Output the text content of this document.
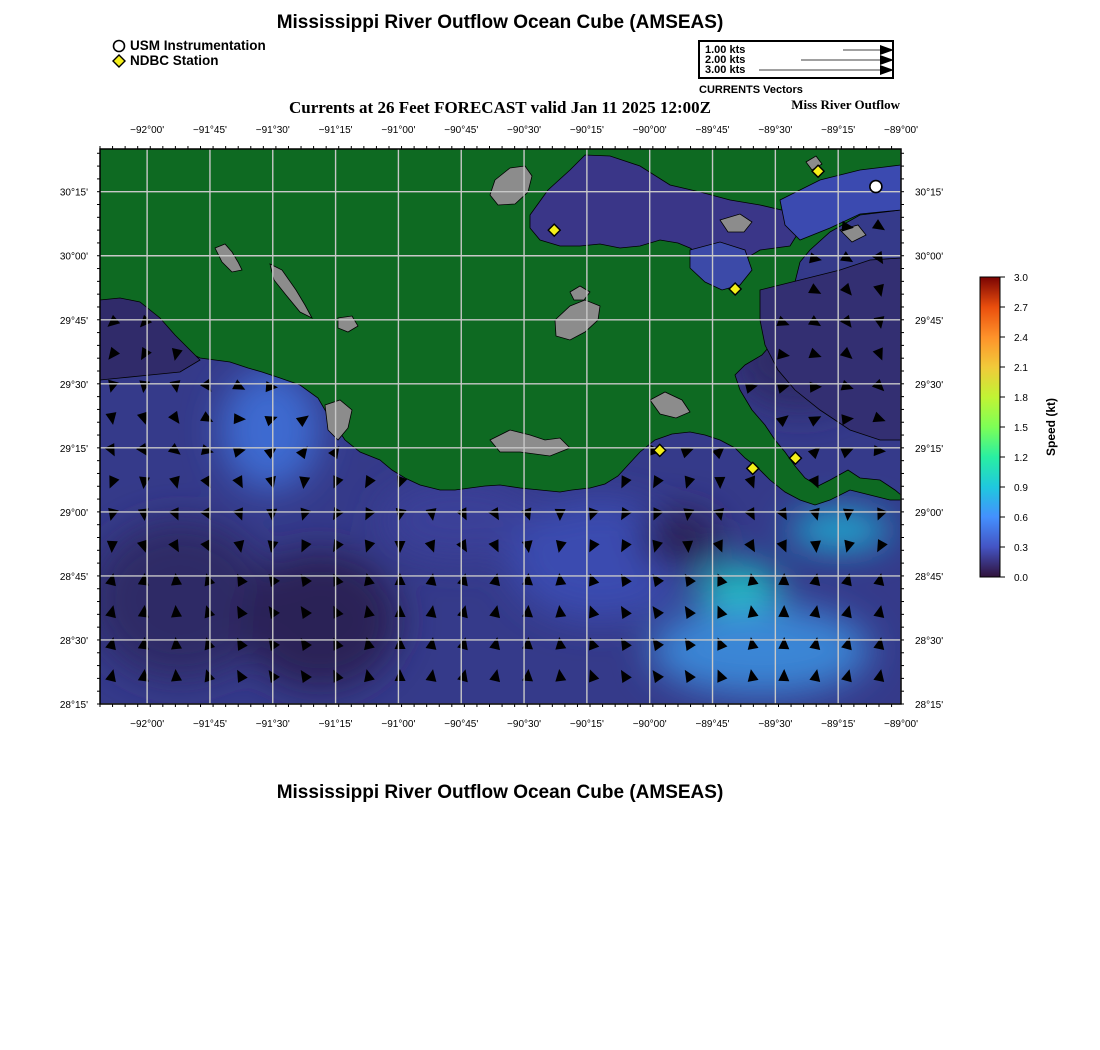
Mississippi River Outflow Ocean Cube (AMSEAS)
USM Instrumentation
NDBC Station
1.00 kts
2.00 kts
3.00 kts
CURRENTS Vectors
Currents at 26 Feet FORECAST valid Jan 11 2025 12:00Z	Miss River Outflow
−92°00'
−92°00'
−91°45'
−91°45'
−91°30'
−91°30'
−91°15'
−91°15'
−91°00'
−91°00'
−90°45'
−90°45'
−90°30'
−90°30'
−90°15'
−90°15'
−90°00'
−90°00'
−89°45'
−89°45'
−89°30'
−89°30'
−89°15'
−89°15'
−89°00'
−89°00'
30°15'	30°15'
30°00'	30°00'
29°45'	29°45'
29°30'	29°30'
29°15'	29°15'
29°00'	29°00'
28°45'	28°45'
28°30'	28°30'
28°15'	28°15'
3.0
2.7
2.4
2.1
1.8
1.5
1.2
0.9
0.6
0.3
0.0
Speed (kt)
Mississippi River Outflow Ocean Cube (AMSEAS)
